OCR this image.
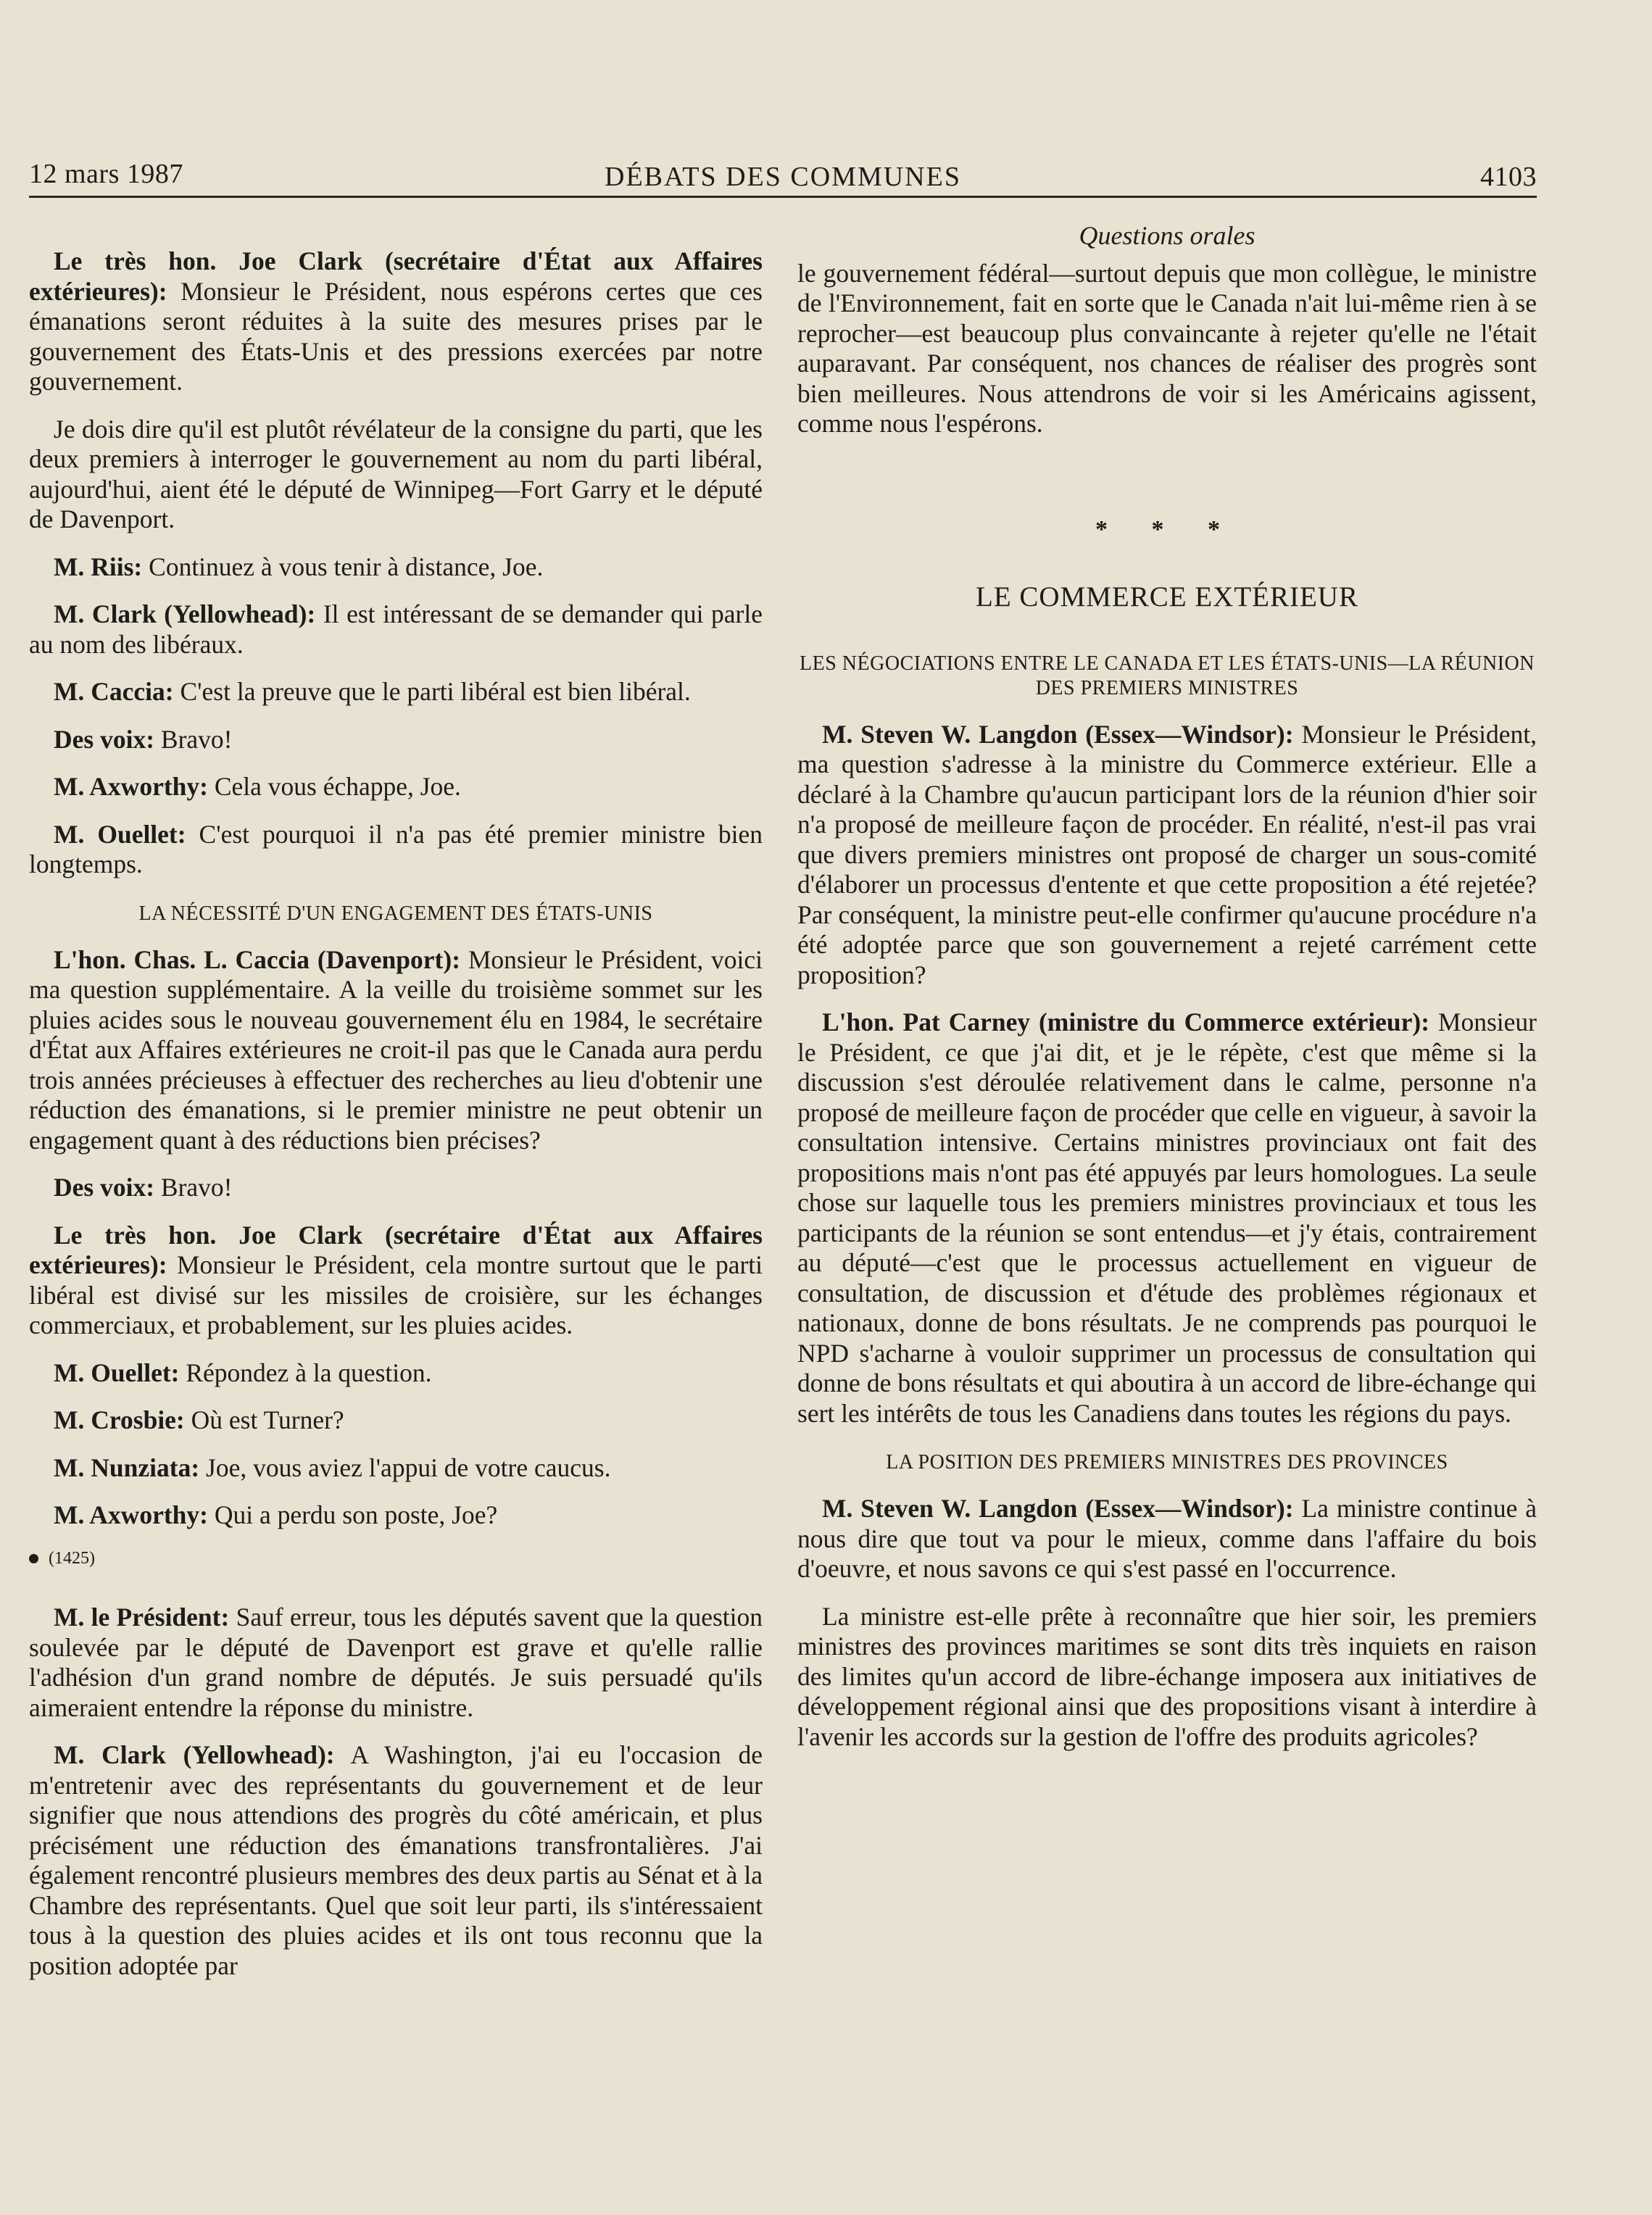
12 mars 1987	DÉBATS DES COMMUNES	4103

Le très hon. Joe Clark (secrétaire d'État aux Affaires extérieures): Monsieur le Président, nous espérons certes que ces émanations seront réduites à la suite des mesures prises par le gouvernement des États-Unis et des pressions exercées par notre gouvernement.

Je dois dire qu'il est plutôt révélateur de la consigne du parti, que les deux premiers à interroger le gouvernement au nom du parti libéral, aujourd'hui, aient été le député de Winnipeg—Fort Garry et le député de Davenport.

M. Riis: Continuez à vous tenir à distance, Joe.

M. Clark (Yellowhead): Il est intéressant de se demander qui parle au nom des libéraux.

M. Caccia: C'est la preuve que le parti libéral est bien libéral.

Des voix: Bravo!

M. Axworthy: Cela vous échappe, Joe.

M. Ouellet: C'est pourquoi il n'a pas été premier ministre bien longtemps.

LA NÉCESSITÉ D'UN ENGAGEMENT DES ÉTATS-UNIS

L'hon. Chas. L. Caccia (Davenport): Monsieur le Président, voici ma question supplémentaire. A la veille du troisième sommet sur les pluies acides sous le nouveau gouvernement élu en 1984, le secrétaire d'État aux Affaires extérieures ne croit-il pas que le Canada aura perdu trois années précieuses à effectuer des recherches au lieu d'obtenir une réduction des émanations, si le premier ministre ne peut obtenir un engagement quant à des réductions bien précises?

Des voix: Bravo!

Le très hon. Joe Clark (secrétaire d'État aux Affaires extérieures): Monsieur le Président, cela montre surtout que le parti libéral est divisé sur les missiles de croisière, sur les échanges commerciaux, et probablement, sur les pluies acides.

M. Ouellet: Répondez à la question.

M. Crosbie: Où est Turner?

M. Nunziata: Joe, vous aviez l'appui de votre caucus.

M. Axworthy: Qui a perdu son poste, Joe?

(1425)

M. le Président: Sauf erreur, tous les députés savent que la question soulevée par le député de Davenport est grave et qu'elle rallie l'adhésion d'un grand nombre de députés. Je suis persuadé qu'ils aimeraient entendre la réponse du ministre.

M. Clark (Yellowhead): A Washington, j'ai eu l'occasion de m'entretenir avec des représentants du gouvernement et de leur signifier que nous attendions des progrès du côté américain, et plus précisément une réduction des émanations transfrontalières. J'ai également rencontré plusieurs membres des deux partis au Sénat et à la Chambre des représentants. Quel que soit leur parti, ils s'intéressaient tous à la question des pluies acides et ils ont tous reconnu que la position adoptée par

Questions orales

le gouvernement fédéral—surtout depuis que mon collègue, le ministre de l'Environnement, fait en sorte que le Canada n'ait lui-même rien à se reprocher—est beaucoup plus convaincante à rejeter qu'elle ne l'était auparavant. Par conséquent, nos chances de réaliser des progrès sont bien meilleures. Nous attendrons de voir si les Américains agissent, comme nous l'espérons.

* * *
LE COMMERCE EXTÉRIEUR
LES NÉGOCIATIONS ENTRE LE CANADA ET LES ÉTATS-UNIS—LA RÉUNION DES PREMIERS MINISTRES

M. Steven W. Langdon (Essex—Windsor): Monsieur le Président, ma question s'adresse à la ministre du Commerce extérieur. Elle a déclaré à la Chambre qu'aucun participant lors de la réunion d'hier soir n'a proposé de meilleure façon de procéder. En réalité, n'est-il pas vrai que divers premiers ministres ont proposé de charger un sous-comité d'élaborer un processus d'entente et que cette proposition a été rejetée? Par conséquent, la ministre peut-elle confirmer qu'aucune procédure n'a été adoptée parce que son gouvernement a rejeté carrément cette proposition?

L'hon. Pat Carney (ministre du Commerce extérieur): Monsieur le Président, ce que j'ai dit, et je le répète, c'est que même si la discussion s'est déroulée relativement dans le calme, personne n'a proposé de meilleure façon de procéder que celle en vigueur, à savoir la consultation intensive. Certains ministres provinciaux ont fait des propositions mais n'ont pas été appuyés par leurs homologues. La seule chose sur laquelle tous les premiers ministres provinciaux et tous les participants de la réunion se sont entendus—et j'y étais, contrairement au député—c'est que le processus actuellement en vigueur de consultation, de discussion et d'étude des problèmes régionaux et nationaux, donne de bons résultats. Je ne comprends pas pourquoi le NPD s'acharne à vouloir supprimer un processus de consultation qui donne de bons résultats et qui aboutira à un accord de libre-échange qui sert les intérêts de tous les Canadiens dans toutes les régions du pays.

LA POSITION DES PREMIERS MINISTRES DES PROVINCES

M. Steven W. Langdon (Essex—Windsor): La ministre continue à nous dire que tout va pour le mieux, comme dans l'affaire du bois d'oeuvre, et nous savons ce qui s'est passé en l'occurrence.

La ministre est-elle prête à reconnaître que hier soir, les premiers ministres des provinces maritimes se sont dits très inquiets en raison des limites qu'un accord de libre-échange imposera aux initiatives de développement régional ainsi que des propositions visant à interdire à l'avenir les accords sur la gestion de l'offre des produits agricoles?
